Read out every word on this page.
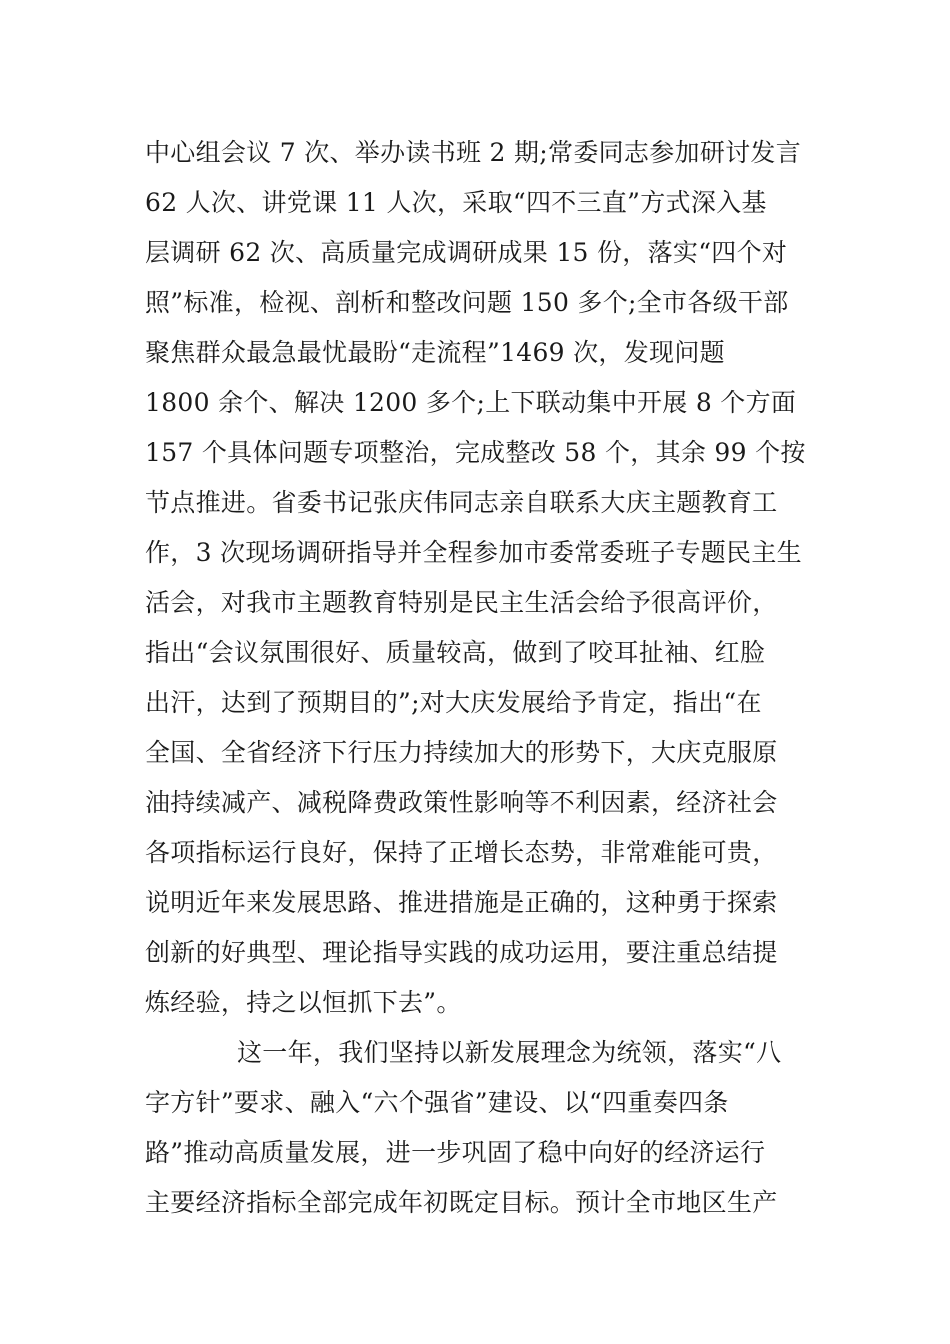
中心组会议 7 次、举办读书班 2 期;常委同志参加研讨发言
62 人次、讲党课 11 人次，采取“四不三直”方式深入基
层调研 62 次、高质量完成调研成果 15 份，落实“四个对
照”标准，检视、剖析和整改问题 150 多个;全市各级干部
聚焦群众最急最忧最盼“走流程”1469 次，发现问题
1800 余个、解决 1200 多个;上下联动集中开展 8 个方面
157 个具体问题专项整治，完成整改 58 个，其余 99 个按
节点推进。省委书记张庆伟同志亲自联系大庆主题教育工
作，3 次现场调研指导并全程参加市委常委班子专题民主生
活会，对我市主题教育特别是民主生活会给予很高评价，
指出“会议氛围很好、质量较高，做到了咬耳扯袖、红脸
出汗，达到了预期目的”;对大庆发展给予肯定，指出“在
全国、全省经济下行压力持续加大的形势下，大庆克服原
油持续减产、减税降费政策性影响等不利因素，经济社会
各项指标运行良好，保持了正增长态势，非常难能可贵，
说明近年来发展思路、推进措施是正确的，这种勇于探索
创新的好典型、理论指导实践的成功运用，要注重总结提
炼经验，持之以恒抓下去”。
这一年，我们坚持以新发展理念为统领，落实“八
字方针”要求、融入“六个强省”建设、以“四重奏四条
路”推动高质量发展，进一步巩固了稳中向好的经济运行
主要经济指标全部完成年初既定目标。预计全市地区生产
